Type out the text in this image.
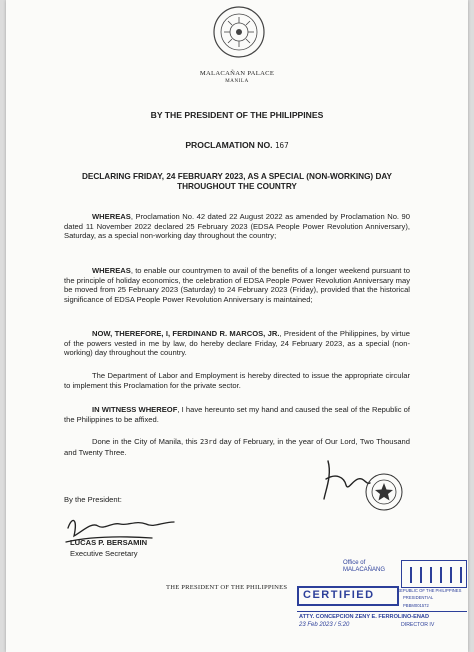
MALACAÑAN PALACE
MANILA
BY THE PRESIDENT OF THE PHILIPPINES
PROCLAMATION NO. 167
DECLARING FRIDAY, 24 FEBRUARY 2023, AS A SPECIAL (NON-WORKING) DAY THROUGHOUT THE COUNTRY
WHEREAS, Proclamation No. 42 dated 22 August 2022 as amended by Proclamation No. 90 dated 11 November 2022 declared 25 February 2023 (EDSA People Power Revolution Anniversary), Saturday, as a special non-working day throughout the country;
WHEREAS, to enable our countrymen to avail of the benefits of a longer weekend pursuant to the principle of holiday economics, the celebration of EDSA People Power Revolution Anniversary may be moved from 25 February 2023 (Saturday) to 24 February 2023 (Friday), provided that the historical significance of EDSA People Power Revolution Anniversary is maintained;
NOW, THEREFORE, I, FERDINAND R. MARCOS, JR., President of the Philippines, by virtue of the powers vested in me by law, do hereby declare Friday, 24 February 2023, as a special (non-working) day throughout the country.
The Department of Labor and Employment is hereby directed to issue the appropriate circular to implement this Proclamation for the private sector.
IN WITNESS WHEREOF, I have hereunto set my hand and caused the seal of the Republic of the Philippines to be affixed.
Done in the City of Manila, this 23rd day of February, in the year of Our Lord, Two Thousand and Twenty Three.
By the President:
LUCAS P. BERSAMIN
Executive Secretary
THE PRESIDENT OF THE PHILIPPINES
Office of
MALACAÑANG
CERTIFIED	REPUBLIC OF THE PHILIPPINES
PRESIDENTIAL
PBBM001572
ATTY. CONCEPCION ZENY E. FERROLINO-ENAD
23 Feb 2023 / 5:20	DIRECTOR IV
